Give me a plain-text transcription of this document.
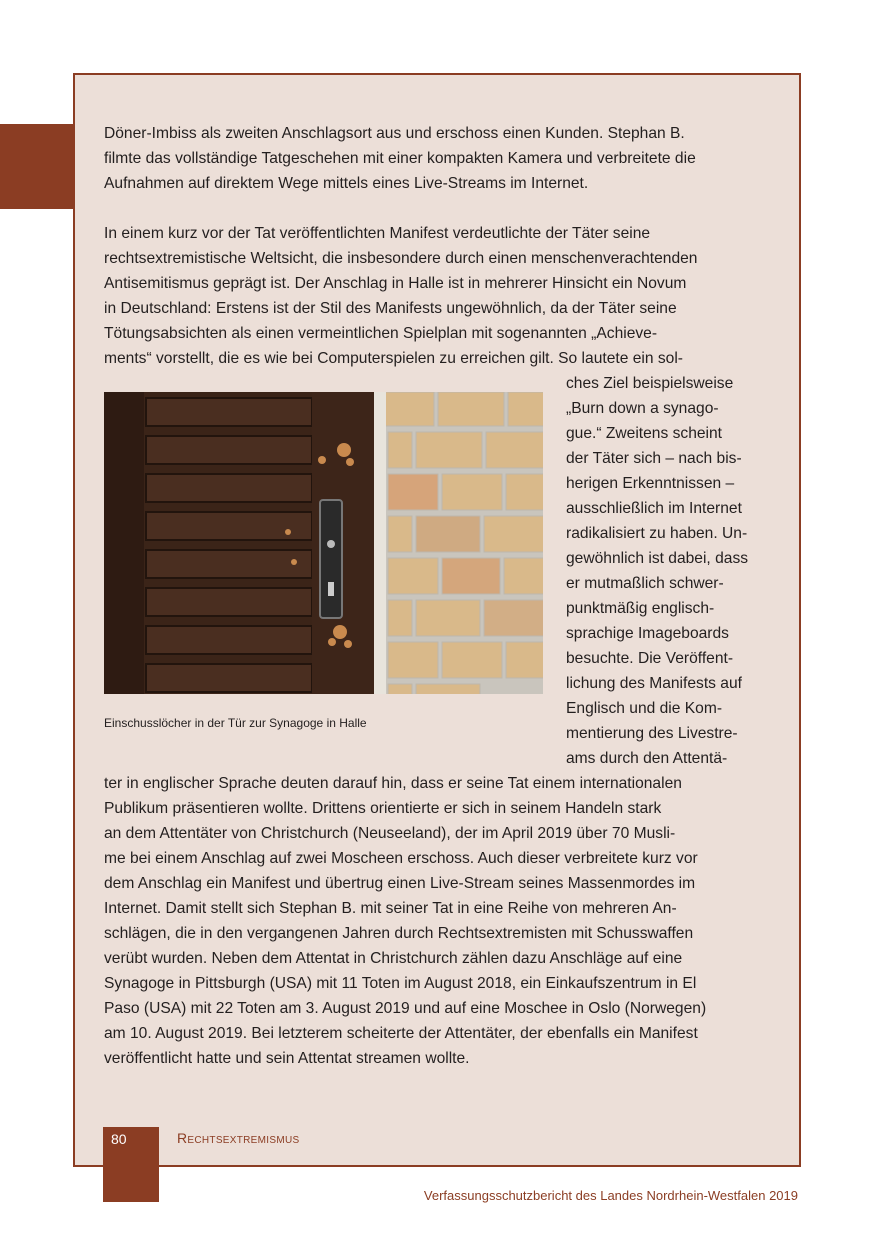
Döner-Imbiss als zweiten Anschlagsort aus und erschoss einen Kunden. Stephan B.
filmte das vollständige Tatgeschehen mit einer kompakten Kamera und verbreitete die
Aufnahmen auf direktem Wege mittels eines Live-Streams im Internet.
In einem kurz vor der Tat veröffentlichten Manifest verdeutlichte der Täter seine
rechtsextremistische Weltsicht, die insbesondere durch einen menschenverachtenden
Antisemitismus geprägt ist. Der Anschlag in Halle ist in mehrerer Hinsicht ein Novum
in Deutschland: Erstens ist der Stil des Manifests ungewöhnlich, da der Täter seine
Tötungsabsichten als einen vermeintlichen Spielplan mit sogenannten „Achieve-
ments“ vorstellt, die es wie bei Computerspielen zu erreichen gilt. So lautete ein sol-
ches Ziel beispielsweise
„Burn down a synago-
gue.“ Zweitens scheint
der Täter sich – nach bis-
herigen Erkenntnissen –
ausschließlich im Internet
radikalisiert zu haben. Un-
gewöhnlich ist dabei, dass
er mutmaßlich schwer-
punktmäßig englisch-
sprachige Imageboards
besuchte. Die Veröffent-
lichung des Manifests auf
Englisch und die Kom-
mentierung des Livestre-
ams durch den Attentä-
ter in englischer Sprache deuten darauf hin, dass er seine Tat einem internationalen
Publikum präsentieren wollte. Drittens orientierte er sich in seinem Handeln stark
an dem Attentäter von Christchurch (Neuseeland), der im April 2019 über 70 Musli-
me bei einem Anschlag auf zwei Moscheen erschoss. Auch dieser verbreitete kurz vor
dem Anschlag ein Manifest und übertrug einen Live-Stream seines Massenmordes im
Internet. Damit stellt sich Stephan B. mit seiner Tat in eine Reihe von mehreren An-
schlägen, die in den vergangenen Jahren durch Rechtsextremisten mit Schusswaffen
verübt wurden. Neben dem Attentat in Christchurch zählen dazu Anschläge auf eine
Synagoge in Pittsburgh (USA) mit 11 Toten im August 2018, ein Einkaufszentrum in El
Paso (USA) mit 22 Toten am 3. August 2019 und auf eine Moschee in Oslo (Norwegen)
am 10. August 2019. Bei letzterem scheiterte der Attentäter, der ebenfalls ein Manifest
veröffentlicht hatte und sein Attentat streamen wollte.
Einschusslöcher in der Tür zur Synagoge in Halle
80	Rechtsextremismus
Verfassungsschutzbericht des Landes Nordrhein-Westfalen 2019
